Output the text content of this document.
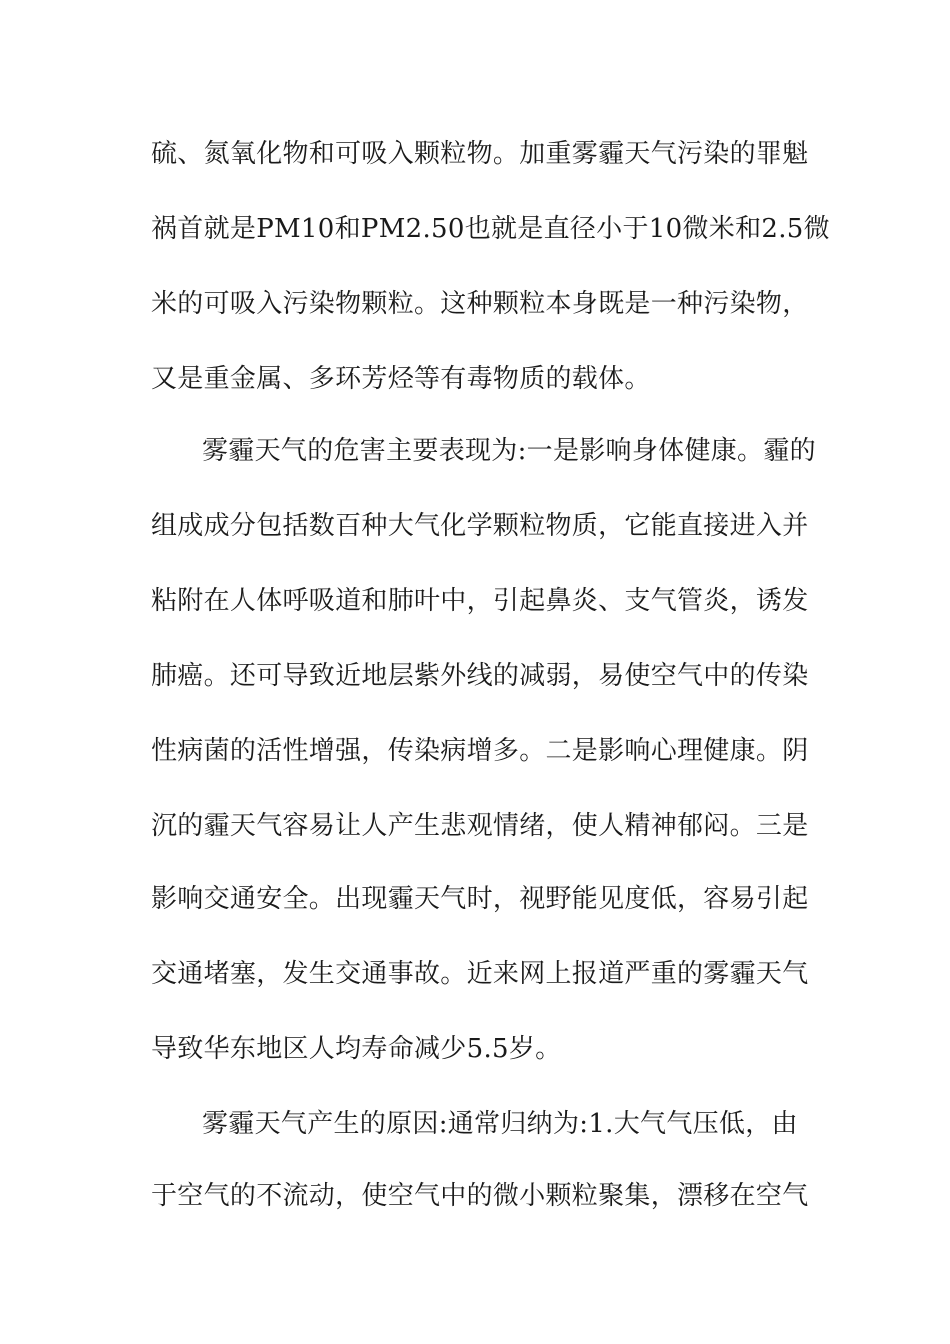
硫、氮氧化物和可吸入颗粒物。加重雾霾天气污染的罪魁
祸首就是PM10和PM2.50也就是直径小于10微米和2.5微
米的可吸入污染物颗粒。这种颗粒本身既是一种污染物，
又是重金属、多环芳烃等有毒物质的载体。
雾霾天气的危害主要表现为:一是影响身体健康。霾的
组成成分包括数百种大气化学颗粒物质，它能直接进入并
粘附在人体呼吸道和肺叶中，引起鼻炎、支气管炎，诱发
肺癌。还可导致近地层紫外线的减弱，易使空气中的传染
性病菌的活性增强，传染病增多。二是影响心理健康。阴
沉的霾天气容易让人产生悲观情绪，使人精神郁闷。三是
影响交通安全。出现霾天气时，视野能见度低，容易引起
交通堵塞，发生交通事故。近来网上报道严重的雾霾天气
导致华东地区人均寿命减少5.5岁。
雾霾天气产生的原因:通常归纳为:1.大气气压低，由
于空气的不流动，使空气中的微小颗粒聚集，漂移在空气
